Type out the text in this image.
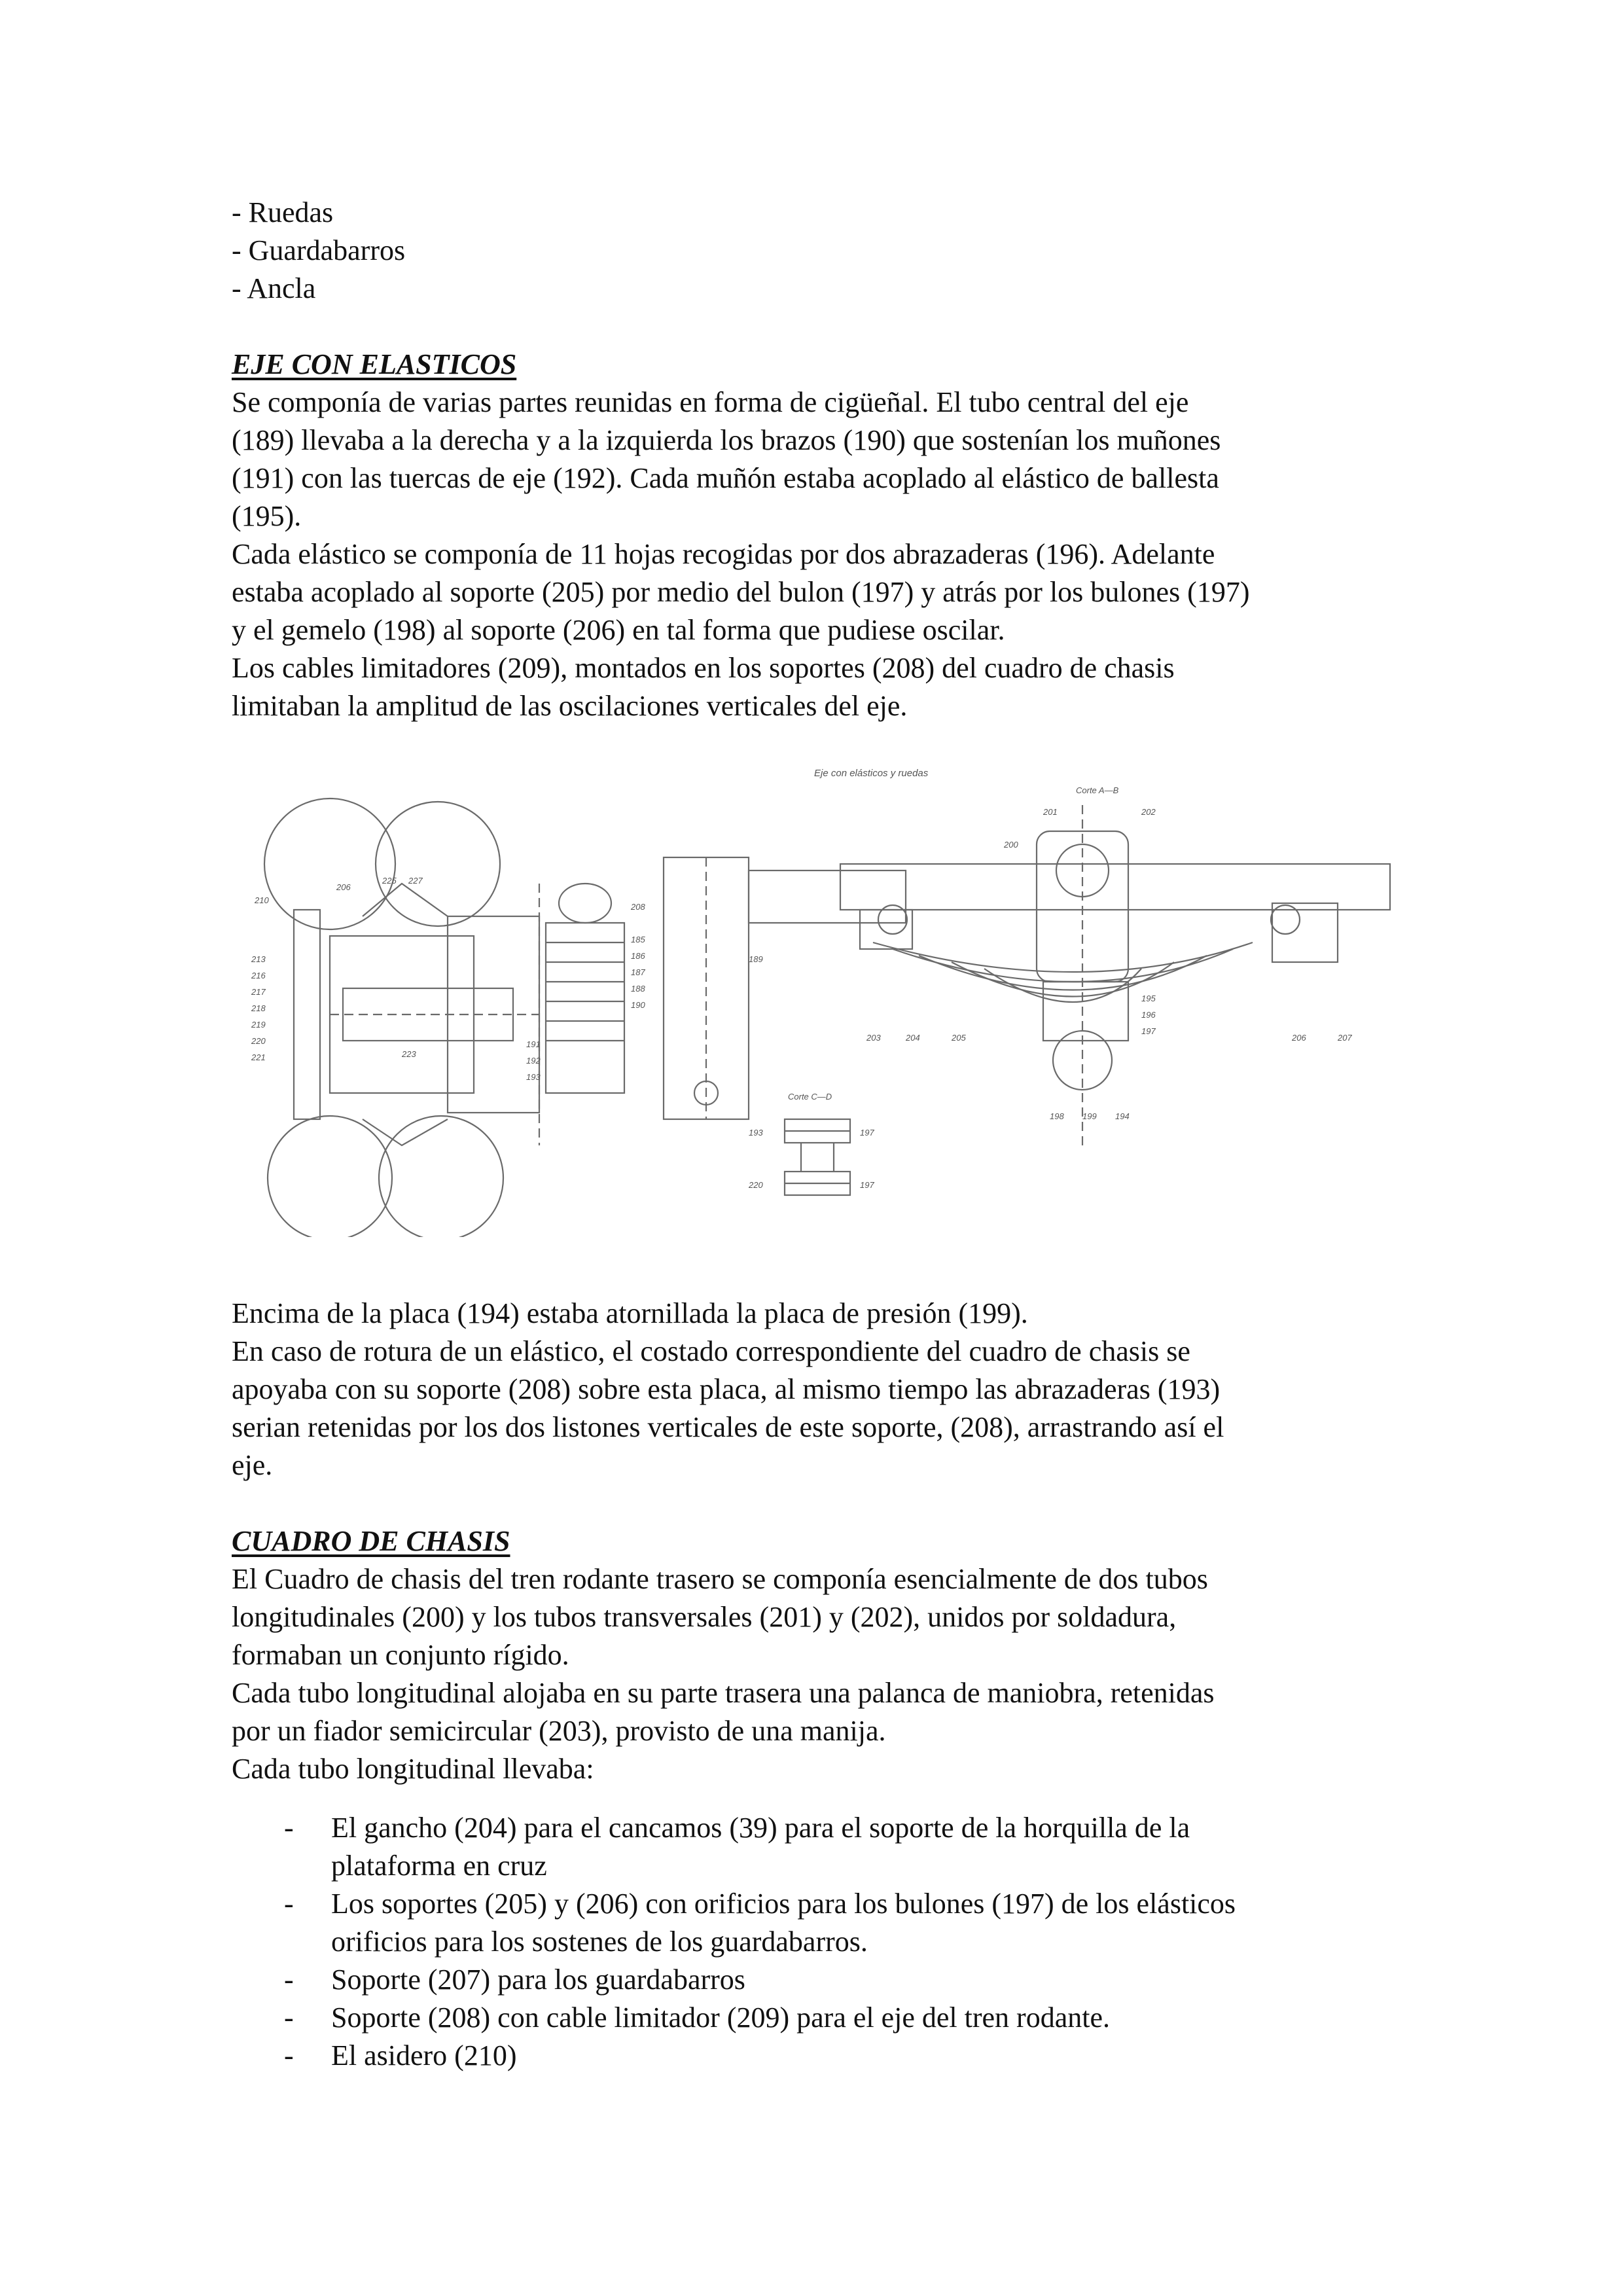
- Ruedas
- Guardabarros
- Ancla
EJE CON ELASTICOS
Se componía de varias partes reunidas en forma de cigüeñal. El tubo central del eje
(189) llevaba a la derecha y a la izquierda los brazos (190) que sostenían los muñones
(191) con las tuercas de eje (192). Cada muñón estaba acoplado al elástico de ballesta
(195).
Cada elástico se componía de 11 hojas recogidas por dos abrazaderas (196). Adelante
estaba acoplado al soporte (205) por medio del bulon (197) y atrás por los bulones (197)
y el gemelo (198) al soporte (206) en tal forma que pudiese oscilar.
Los cables limitadores (209), montados en los soportes (208) del cuadro de chasis
limitaban la amplitud de las oscilaciones verticales del eje.
Eje con elásticos y ruedas
Corte A—B
Corte C—D
210
206
213
216
217
218
219
220
221	223
225 227
208
185
186
187
188
190
191
192
193
189
200
201	202
195
196
197
198 199 194
203	204	205	206	207
193
220
197
197
Encima de la placa (194) estaba atornillada la placa de presión (199).
En caso de rotura de un elástico, el costado correspondiente del cuadro de chasis se
apoyaba con su soporte (208) sobre esta placa, al mismo tiempo las abrazaderas (193)
serian retenidas por los dos listones verticales de este soporte, (208), arrastrando así el
eje.
CUADRO DE CHASIS
El Cuadro de chasis del tren rodante trasero se componía esencialmente de dos tubos
longitudinales (200) y los tubos transversales (201) y (202), unidos por soldadura,
formaban un conjunto rígido.
Cada tubo longitudinal alojaba en su parte trasera una palanca de maniobra, retenidas
por un fiador semicircular (203), provisto de una manija.
Cada tubo longitudinal llevaba:
- El gancho (204) para el cancamos (39) para el soporte de la horquilla de la
plataforma en cruz
- Los soportes (205) y (206) con orificios para los bulones (197) de los elásticos
orificios para los sostenes de los guardabarros.
- Soporte (207) para los guardabarros
- Soporte (208) con cable limitador (209) para el eje del tren rodante.
- El asidero (210)
